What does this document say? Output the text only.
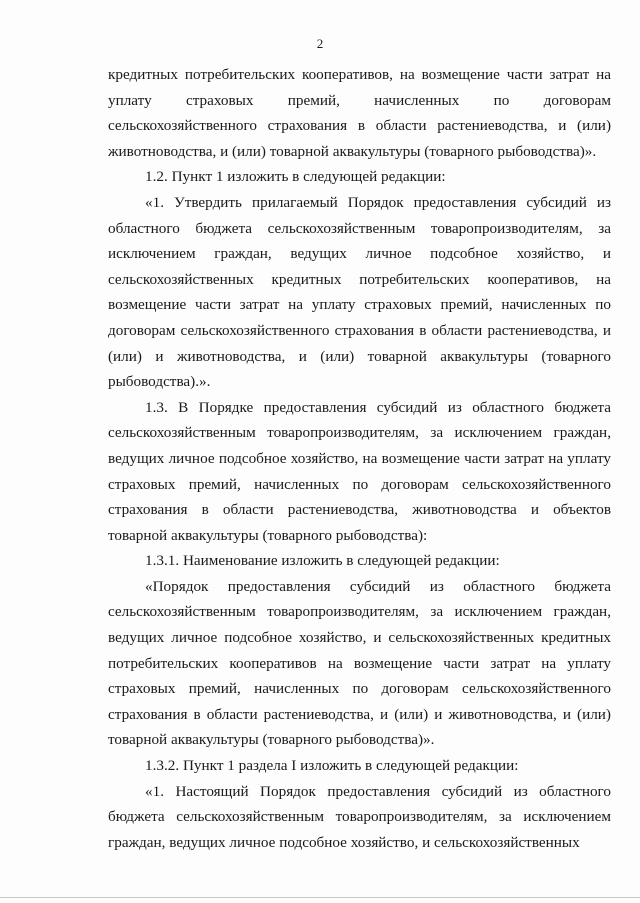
2

кредитных потребительских кооперативов, на возмещение части затрат на уплату страховых премий, начисленных по договорам сельскохозяйственного страхования в области растениеводства, и (или) животноводства, и (или) товарной аквакультуры (товарного рыбоводства)».

1.2. Пункт 1 изложить в следующей редакции:

«1. Утвердить прилагаемый Порядок предоставления субсидий из областного бюджета сельскохозяйственным товаропроизводителям, за исключением граждан, ведущих личное подсобное хозяйство, и сельскохозяйственных кредитных потребительских кооперативов, на возмещение части затрат на уплату страховых премий, начисленных по договорам сельскохозяйственного страхования в области растениеводства, и (или) и животноводства, и (или) товарной аквакультуры (товарного рыбоводства).».

1.3. В Порядке предоставления субсидий из областного бюджета сельскохозяйственным товаропроизводителям, за исключением граждан, ведущих личное подсобное хозяйство, на возмещение части затрат на уплату страховых премий, начисленных по договорам сельскохозяйственного страхования в области растениеводства, животноводства и объектов товарной аквакультуры (товарного рыбоводства):

1.3.1. Наименование изложить в следующей редакции:

«Порядок предоставления субсидий из областного бюджета сельскохозяйственным товаропроизводителям, за исключением граждан, ведущих личное подсобное хозяйство, и сельскохозяйственных кредитных потребительских кооперативов на возмещение части затрат на уплату страховых премий, начисленных по договорам сельскохозяйственного страхования в области растениеводства, и (или) и животноводства, и (или) товарной аквакультуры (товарного рыбоводства)».

1.3.2. Пункт 1 раздела I изложить в следующей редакции:

«1. Настоящий Порядок предоставления субсидий из областного бюджета сельскохозяйственным товаропроизводителям, за исключением граждан, ведущих личное подсобное хозяйство, и сельскохозяйственных
